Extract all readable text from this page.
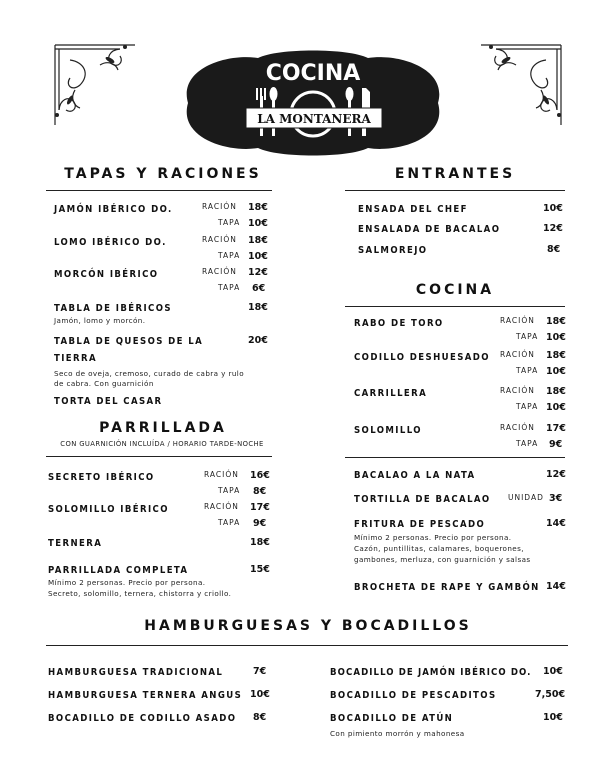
COCINA
LA MONTANERA
TAPAS Y RACIONES
JAMÓN IBÉRICO DO.	RACIÓN 18€
TAPA 10€
LOMO IBÉRICO DO.	RACIÓN 18€
TAPA 10€
MORCÓN IBÉRICO	RACIÓN 12€
TAPA 6€
TABLA DE IBÉRICOS	18€
Jamón, lomo y morcón.
TABLA DE QUESOS DE LA	20€
TIERRA
Seco de oveja, cremoso, curado de cabra y rulo
de cabra. Con guarnición
TORTA DEL CASAR
PARRILLADA
CON GUARNICIÓN INCLUÍDA / HORARIO TARDE-NOCHE
SECRETO IBÉRICO	RACIÓN 16€
TAPA 8€
SOLOMILLO IBÉRICO	RACIÓN 17€
TAPA 9€
TERNERA	18€
PARRILLADA COMPLETA	15€
Mínimo 2 personas. Precio por persona.
Secreto, solomillo, ternera, chistorra y criollo.
ENTRANTES
ENSADA DEL CHEF	10€
ENSALADA DE BACALAO	12€
SALMOREJO	8€
COCINA
RABO DE TORO	RACIÓN 18€
TAPA 10€
CODILLO DESHUESADO RACIÓN 18€
TAPA 10€
CARRILLERA	RACIÓN 18€
TAPA 10€
SOLOMILLO	RACIÓN 17€
TAPA 9€
BACALAO A LA NATA	12€
TORTILLA DE BACALAO UNIDAD 3€
FRITURA DE PESCADO	14€
Mínimo 2 personas. Precio por persona.
Cazón, puntillitas, calamares, boquerones,
gambones, merluza, con guarnición y salsas
BROCHETA DE RAPE Y GAMBÓN 14€
HAMBURGUESAS Y BOCADILLOS
HAMBURGUESA TRADICIONAL	7€
HAMBURGUESA TERNERA ANGUS 10€
BOCADILLO DE CODILLO ASADO 8€
BOCADILLO DE JAMÓN IBÉRICO DO. 10€
BOCADILLO DE PESCADITOS	7,50€
BOCADILLO DE ATÚN	10€
Con pimiento morrón y mahonesa
